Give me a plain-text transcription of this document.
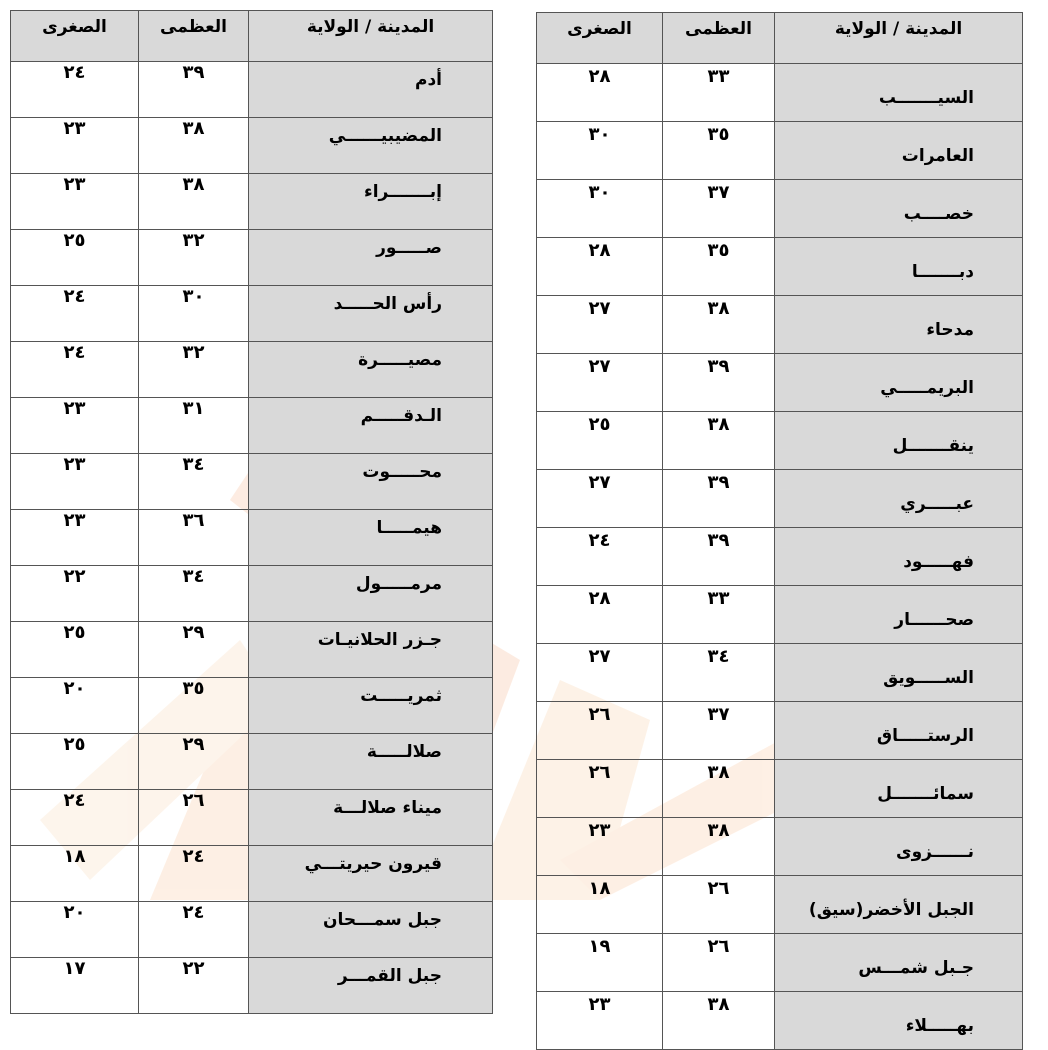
المدينة / الولاية	العظمى	الصغرى
السيـــــــب	٣٣	٢٨
العامرات	٣٥	٣٠
خصــــب	٣٧	٣٠
دبـــــــا	٣٥	٢٨
مدحاء	٣٨	٢٧
البريمـــــي	٣٩	٢٧
ينقـــــــل	٣٨	٢٥
عبـــــري	٣٩	٢٧
فهـــــود	٣٩	٢٤
صحــــــار	٣٣	٢٨
الســـــويق	٣٤	٢٧
الرستـــــاق	٣٧	٢٦
سمائـــــــل	٣٨	٢٦
نــــــزوى	٣٨	٢٣
الجبل الأخضر(سيق)	٢٦	١٨
جـبل شمـــس	٢٦	١٩
بهـــــلاء	٣٨	٢٣
المدينة / الولاية	العظمى	الصغرى
أدم	٣٩	٢٤
المضيبيــــــي	٣٨	٢٣
إبـــــــراء	٣٨	٢٣
صـــــور	٣٢	٢٥
رأس الحـــــد	٣٠	٢٤
مصيـــــرة	٣٢	٢٤
الـدقـــــم	٣١	٢٣
محـــــوت	٣٤	٢٣
هيمـــــا	٣٦	٢٣
مرمـــــول	٣٤	٢٢
جـزر الحلانيـات	٢٩	٢٥
ثمريـــــت	٣٥	٢٠
صلالـــــة	٢٩	٢٥
ميناء صلالـــة	٢٦	٢٤
قيرون حيريتـــي	٢٤	١٨
جبل سمـــحان	٢٤	٢٠
جبل القمـــر	٢٢	١٧
